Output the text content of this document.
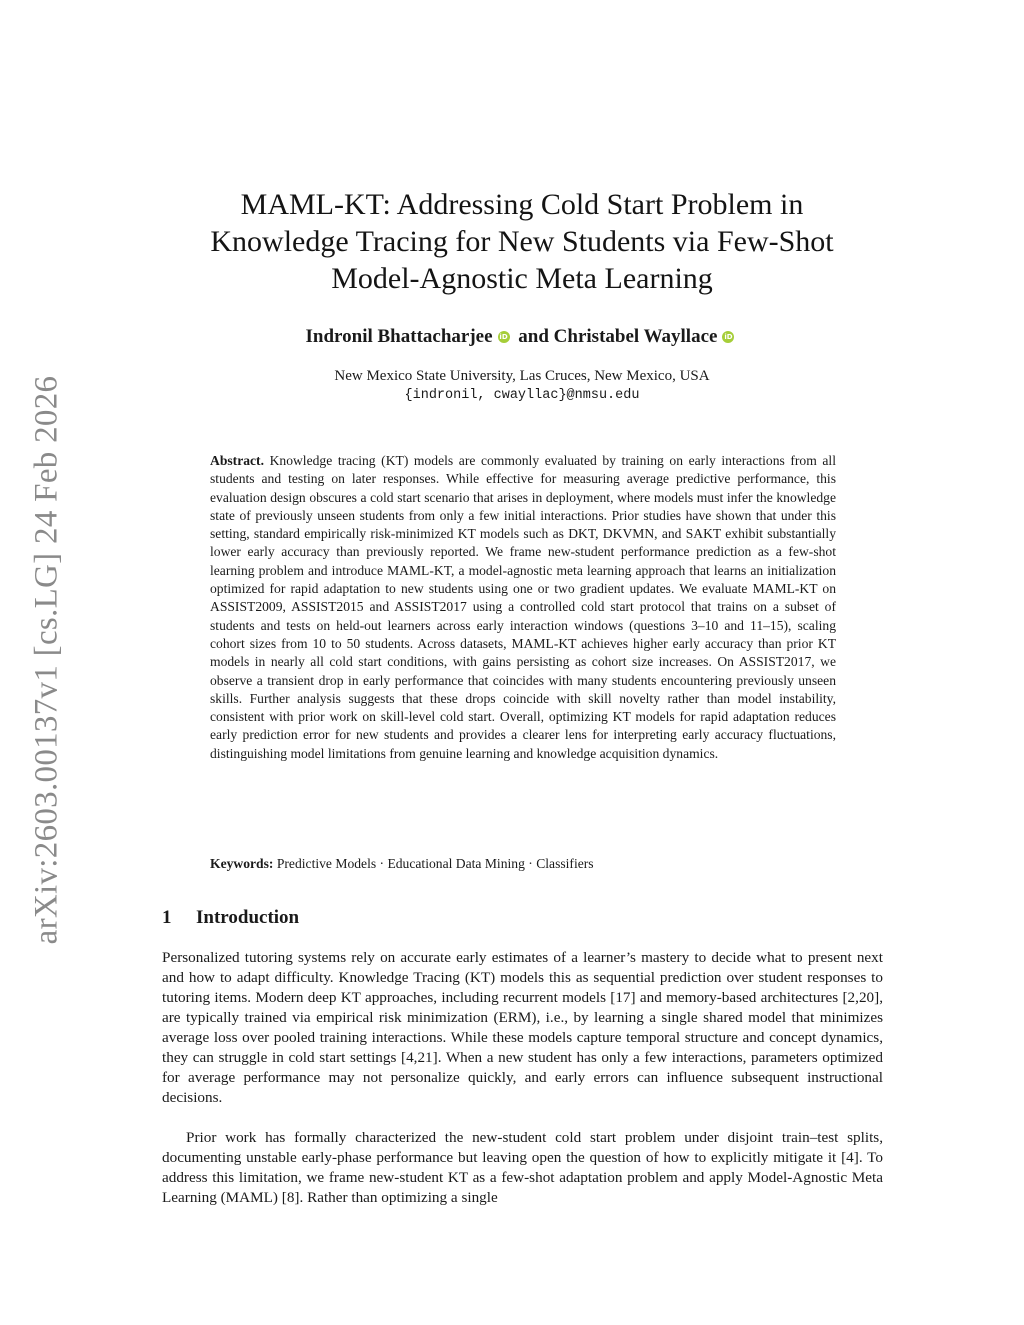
arXiv:2603.00137v1 [cs.LG] 24 Feb 2026
MAML-KT: Addressing Cold Start Problem in
Knowledge Tracing for New Students via Few-Shot
Model-Agnostic Meta Learning
Indronil Bhattacharjee iD and Christabel Wayllace iD
New Mexico State University, Las Cruces, New Mexico, USA
{indronil, cwayllac}@nmsu.edu
Abstract. Knowledge tracing (KT) models are commonly evaluated by training on early interactions from all students and testing on later responses. While effective for measuring average predictive performance, this evaluation design obscures a cold start scenario that arises in deployment, where models must infer the knowledge state of previously unseen students from only a few initial interactions. Prior studies have shown that under this setting, standard empirically risk-minimized KT models such as DKT, DKVMN, and SAKT exhibit substantially lower early accuracy than previously reported. We frame new-student performance prediction as a few-shot learning problem and introduce MAML-KT, a model-agnostic meta learning approach that learns an initialization optimized for rapid adaptation to new students using one or two gradient updates. We evaluate MAML-KT on ASSIST2009, ASSIST2015 and ASSIST2017 using a controlled cold start protocol that trains on a subset of students and tests on held-out learners across early interaction windows (questions 3–10 and 11–15), scaling cohort sizes from 10 to 50 students. Across datasets, MAML-KT achieves higher early accuracy than prior KT models in nearly all cold start conditions, with gains persisting as cohort size increases. On ASSIST2017, we observe a transient drop in early performance that coincides with many students encountering previously unseen skills. Further analysis suggests that these drops coincide with skill novelty rather than model instability, consistent with prior work on skill-level cold start. Overall, optimizing KT models for rapid adaptation reduces early prediction error for new students and provides a clearer lens for interpreting early accuracy fluctuations, distinguishing model limitations from genuine learning and knowledge acquisition dynamics.
Keywords: Predictive Models · Educational Data Mining · Classifiers
1 Introduction
Personalized tutoring systems rely on accurate early estimates of a learner’s mastery to decide what to present next and how to adapt difficulty. Knowledge Tracing (KT) models this as sequential prediction over student responses to tutoring items. Modern deep KT approaches, including recurrent models [17] and memory-based architectures [2,20], are typically trained via empirical risk minimization (ERM), i.e., by learning a single shared model that minimizes average loss over pooled training interactions. While these models capture temporal structure and concept dynamics, they can struggle in cold start settings [4,21]. When a new student has only a few interactions, parameters optimized for average performance may not personalize quickly, and early errors can influence subsequent instructional decisions.
Prior work has formally characterized the new-student cold start problem under disjoint train–test splits, documenting unstable early-phase performance but leaving open the question of how to explicitly mitigate it [4]. To address this limitation, we frame new-student KT as a few-shot adaptation problem and apply Model-Agnostic Meta Learning (MAML) [8]. Rather than optimizing a single
